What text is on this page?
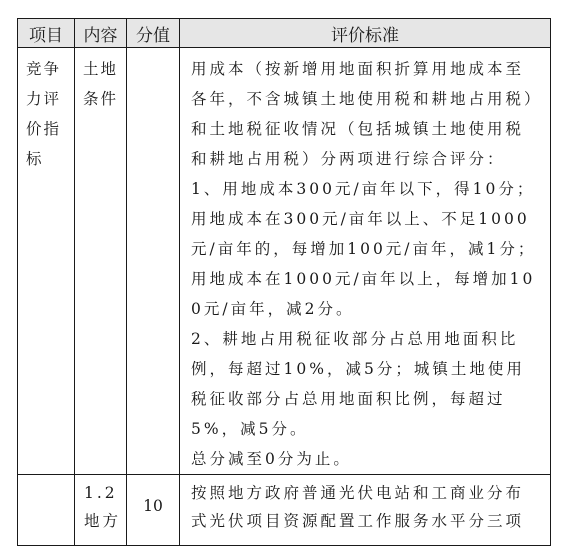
项目	内容	分值	评价标准

竞争力评价指标	土地条件		用成本（按新增用地面积折算用地成本至各年，不含城镇土地使用税和耕地占用税）和土地税征收情况（包括城镇土地使用税和耕地占用税）分两项进行综合评分：
1、用地成本300元/亩年以下，得10分；用地成本在300元/亩年以上、不足1000元/亩年的，每增加100元/亩年，减1分；用地成本在1000元/亩年以上，每增加100元/亩年，减2分。
2、耕地占用税征收部分占总用地面积比例，每超过10%，减5分；城镇土地使用税征收部分占总用地面积比例，每超过5%，减5分。
总分减至0分为止。

	1.2 地方	10	按照地方政府普通光伏电站和工商业分布式光伏项目资源配置工作服务水平分三项
